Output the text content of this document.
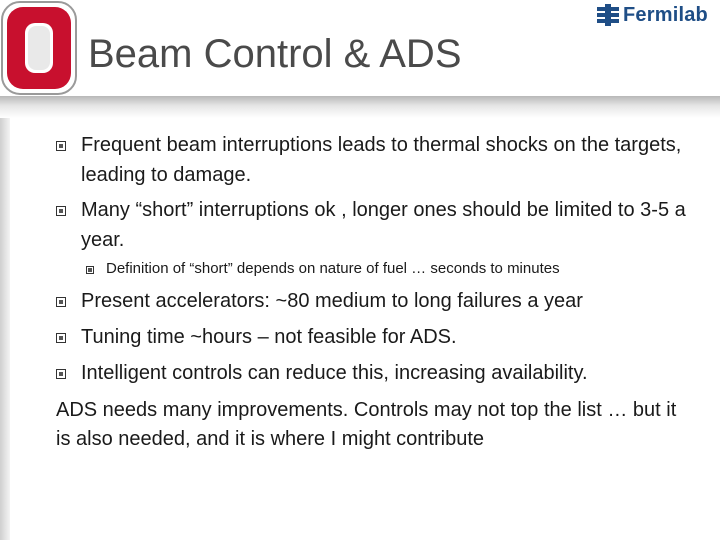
Fermilab
Beam Control & ADS
Frequent beam interruptions leads to thermal shocks on the targets, leading to damage.
Many “short” interruptions ok , longer ones should be limited to 3-5 a year.
Definition of “short” depends on nature of fuel … seconds to minutes
Present accelerators: ~80 medium to long failures a year
Tuning time ~hours – not feasible for ADS.
Intelligent controls can reduce this, increasing availability.
ADS needs many improvements. Controls may not top the list … but it is also needed, and it is where I might contribute
